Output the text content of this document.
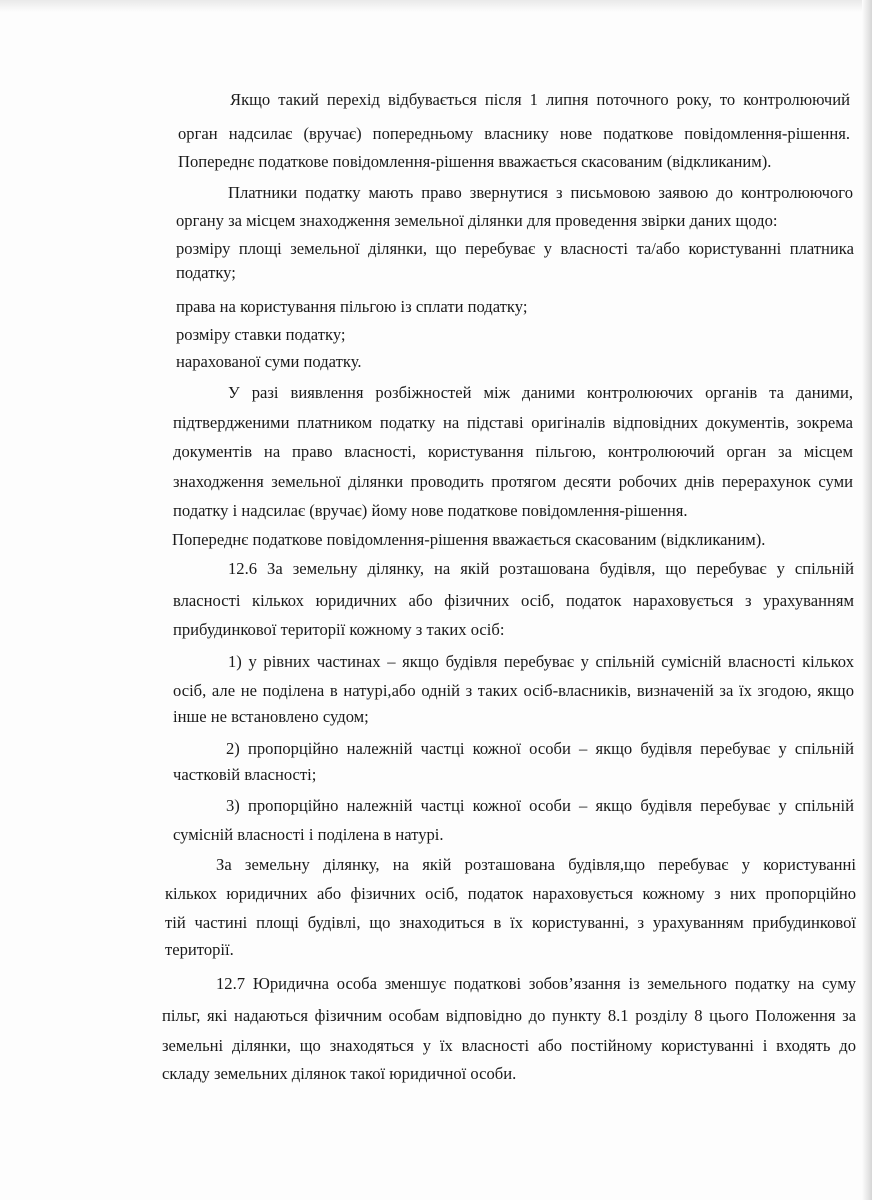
Якщо такий перехід відбувається після 1 липня поточного року, то контролюючий
орган надсилає (вручає) попередньому власнику нове податкове повідомлення-рішення.
Попереднє податкове повідомлення-рішення вважається скасованим (відкликаним).
Платники податку мають право звернутися з письмовою заявою до контролюючого
органу за місцем знаходження земельної ділянки для проведення звірки даних щодо:
розміру площі земельної ділянки, що перебуває у власності та/або користуванні платника
податку;
права на користування пільгою із сплати податку;
розміру ставки податку;
нарахованої суми податку.
У разі виявлення розбіжностей між даними контролюючих органів та даними,
підтвердженими платником податку на підставі оригіналів відповідних документів, зокрема
документів на право власності, користування пільгою, контролюючий орган за місцем
знаходження земельної ділянки проводить протягом десяти робочих днів перерахунок суми
податку і надсилає (вручає) йому нове податкове повідомлення-рішення.
Попереднє податкове повідомлення-рішення вважається скасованим (відкликаним).
12.6 За земельну ділянку, на якій розташована будівля, що перебуває у спільній
власності кількох юридичних або фізичних осіб, податок нараховується з урахуванням
прибудинкової території кожному з таких осіб:
1) у рівних частинах – якщо будівля перебуває у спільній сумісній власності кількох
осіб, але не поділена в натурі,або одній з таких осіб-власників, визначеній за їх згодою, якщо
інше не встановлено судом;
2) пропорційно належній частці кожної особи – якщо будівля перебуває у спільній
частковій власності;
3) пропорційно належній частці кожної особи – якщо будівля перебуває у спільній
сумісній власності і поділена в натурі.
За земельну ділянку, на якій розташована будівля,що перебуває у користуванні
кількох юридичних або фізичних осіб, податок нараховується кожному з них пропорційно
тій частині площі будівлі, що знаходиться в їх користуванні, з урахуванням прибудинкової
території.
12.7 Юридична особа зменшує податкові зобов’язання із земельного податку на суму
пільг, які надаються фізичним особам відповідно до пункту 8.1 розділу 8 цього Положення за
земельні ділянки, що знаходяться у їх власності або постійному користуванні і входять до
складу земельних ділянок такої юридичної особи.
